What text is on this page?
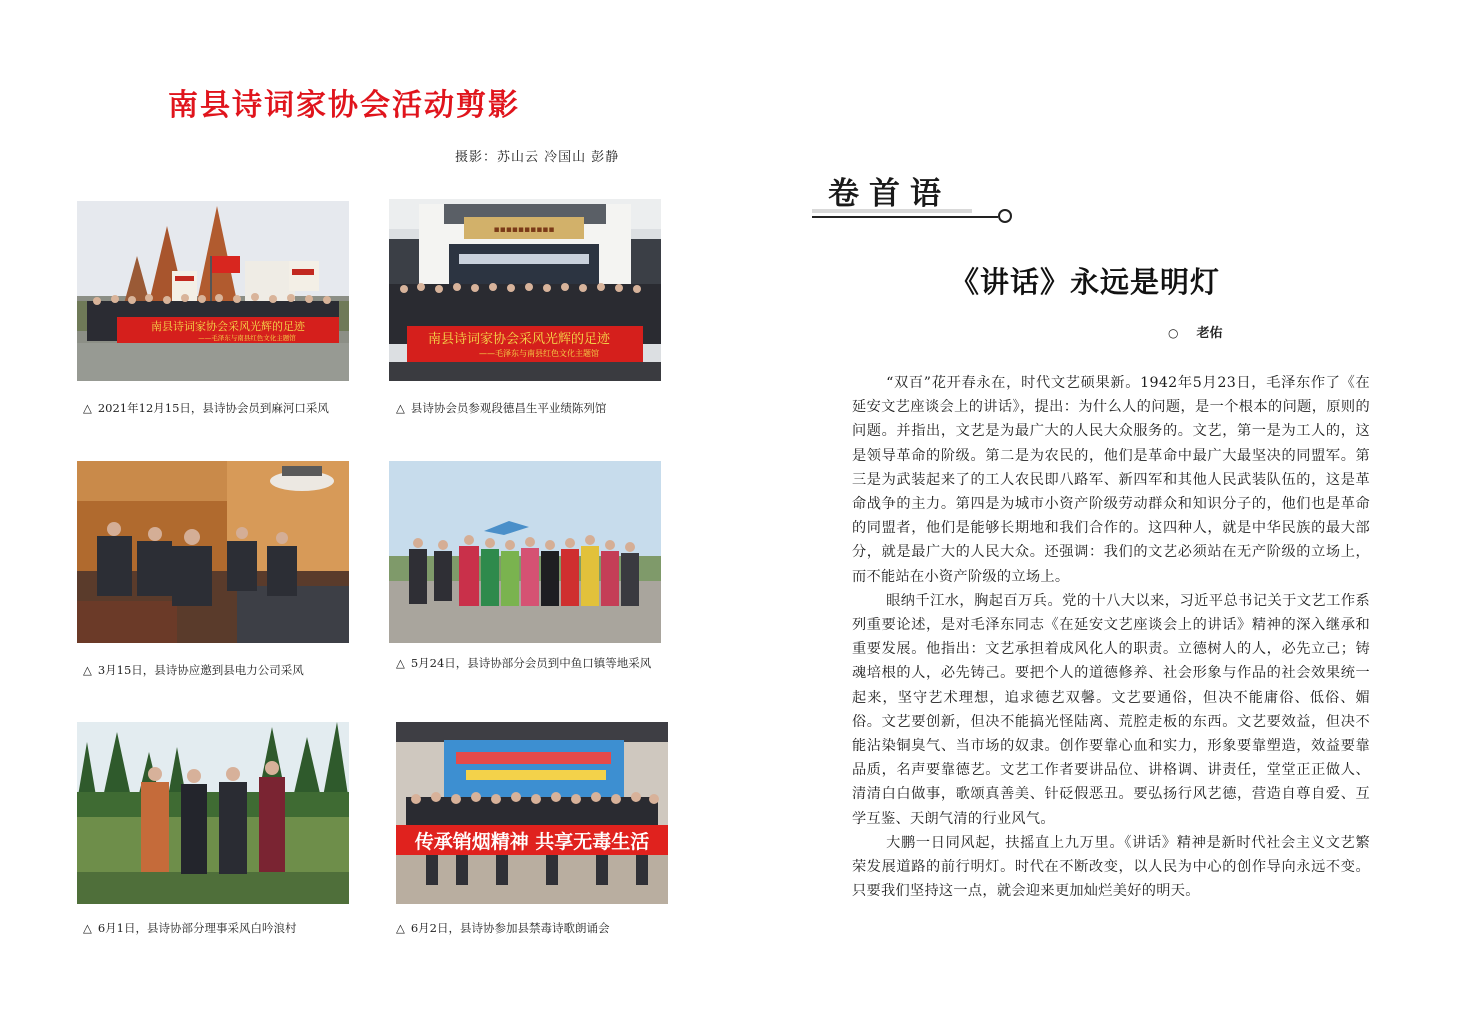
南县诗词家协会活动剪影
摄影：苏山云 冷国山 彭静
南县诗词家协会采风光辉的足迹
——毛泽东与南县红色文化主题馆
△ 2021年12月15日，县诗协会员到麻河口采风
▪▪▪▪▪▪▪▪▪▪
南县诗词家协会采风光辉的足迹
——毛泽东与南县红色文化主题馆
△ 县诗协会员参观段德昌生平业绩陈列馆
△ 3月15日，县诗协应邀到县电力公司采风	△ 5月24日，县诗协部分会员到中鱼口镇等地采风
△ 6月1日，县诗协部分理事采风白吟浪村
传承销烟精神 共享无毒生活
△ 6月2日，县诗协参加县禁毒诗歌朗诵会
卷首语
《讲话》永远是明灯
○ 老佑

“双百”花开春永在，时代文艺硕果新。1942年5月23日，毛泽东作了《在延安文艺座谈会上的讲话》，提出：为什么人的问题，是一个根本的问题，原则的问题。并指出，文艺是为最广大的人民大众服务的。文艺，第一是为工人的，这是领导革命的阶级。第二是为农民的，他们是革命中最广大最坚决的同盟军。第三是为武装起来了的工人农民即八路军、新四军和其他人民武装队伍的，这是革命战争的主力。第四是为城市小资产阶级劳动群众和知识分子的，他们也是革命的同盟者，他们是能够长期地和我们合作的。这四种人，就是中华民族的最大部分，就是最广大的人民大众。还强调：我们的文艺必须站在无产阶级的立场上，而不能站在小资产阶级的立场上。

眼纳千江水，胸起百万兵。党的十八大以来，习近平总书记关于文艺工作系列重要论述，是对毛泽东同志《在延安文艺座谈会上的讲话》精神的深入继承和重要发展。他指出：文艺承担着成风化人的职责。立德树人的人，必先立己；铸魂培根的人，必先铸己。要把个人的道德修养、社会形象与作品的社会效果统一起来，坚守艺术理想，追求德艺双馨。文艺要通俗，但决不能庸俗、低俗、媚俗。文艺要创新，但决不能搞光怪陆离、荒腔走板的东西。文艺要效益，但决不能沾染铜臭气、当市场的奴隶。创作要靠心血和实力，形象要靠塑造，效益要靠品质，名声要靠德艺。文艺工作者要讲品位、讲格调、讲责任，堂堂正正做人、清清白白做事，歌颂真善美、针砭假恶丑。要弘扬行风艺德，营造自尊自爱、互学互鉴、天朗气清的行业风气。

大鹏一日同风起，扶摇直上九万里。《讲话》精神是新时代社会主义文艺繁荣发展道路的前行明灯。时代在不断改变，以人民为中心的创作导向永远不变。只要我们坚持这一点，就会迎来更加灿烂美好的明天。
